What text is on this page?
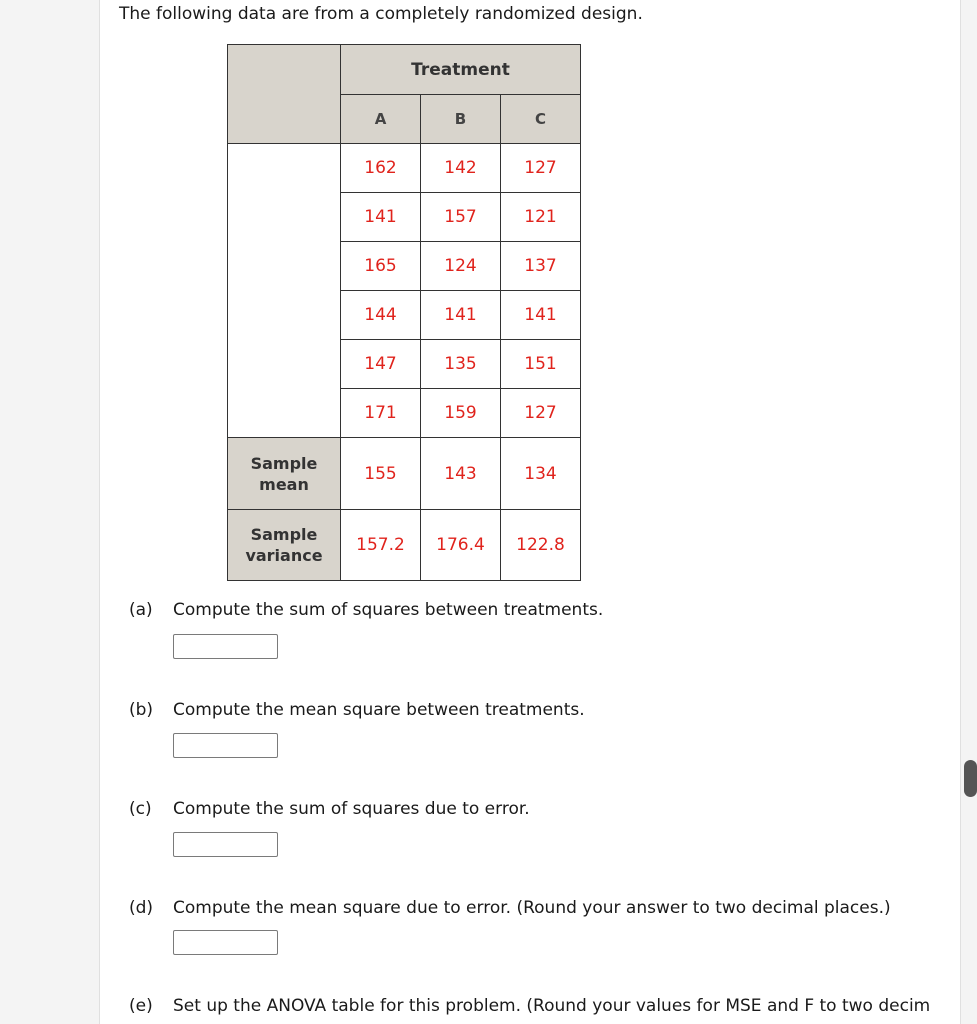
The following data are from a completely randomized design.
	Treatment		
	A	B	C
	162	142	127
	141	157	121
	165	124	137
	144	141	141
	147	135	151
	171	159	127
Sample
mean	155	143	134
Sample
variance	157.2	176.4	122.8
(a) Compute the sum of squares between treatments.
(b) Compute the mean square between treatments.
(c) Compute the sum of squares due to error.
(d) Compute the mean square due to error. (Round your answer to two decimal places.)
(e) Set up the ANOVA table for this problem. (Round your values for MSE and F to two decim
